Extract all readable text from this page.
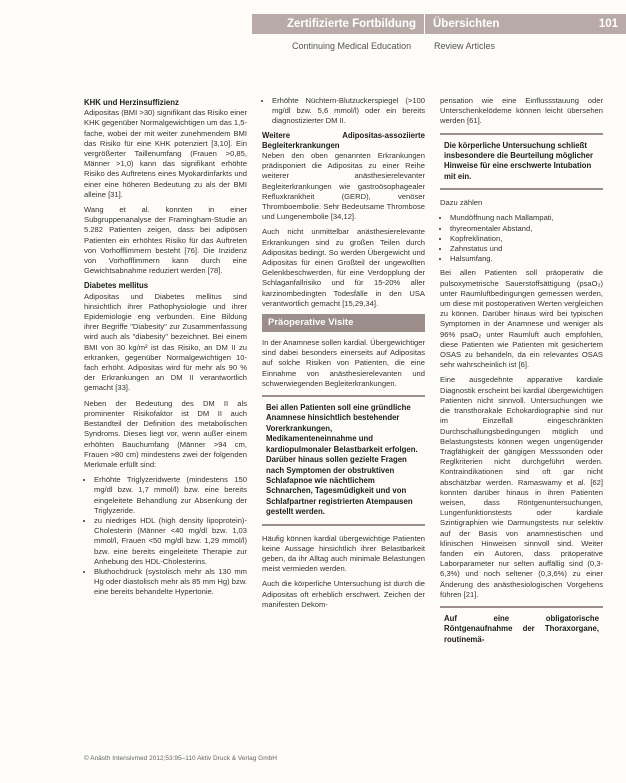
Zertifizierte Fortbildung	Übersichten	101
Continuing Medical Education	Review Articles
KHK und Herzinsuffizienz

Adipositas (BMI >30) signifikant das Risiko einer KHK gegenüber Normalgewichtigen um das 1,5-fache, wobei der mit weiter zunehmendem BMI das Risiko für eine KHK potenziert [3,10]. Ein vergrößerter Taillenumfang (Frauen >0,85, Männer >1,0) kann das signifikant erhöhte Risiko des Auftretens eines Myokardinfarkts und einer eine höheren Bedeutung zu als der BMI alleine [31].

Wang et al. konnten in einer Subgruppenanalyse der Framingham-Studie an 5.282 Patienten zeigen, dass bei adipösen Patienten ein erhöhtes Risiko für das Auftreten von Vorhofflimmern besteht [76]. Die Inzidenz von Vorhofflimmern kann durch eine Gewichtsabnahme reduziert werden [78].

Diabetes mellitus

Adipositas und Diabetes mellitus sind hinsichtlich ihrer Pathophysiologie und ihrer Epidemiologie eng verbunden. Eine Bildung ihrer Begriffe "Diabesity" zur Zusammenfassung wird auch als "diabesity" bezeichnet. Bei einem BMI von 30 kg/m² ist das Risiko, an DM II zu erkranken, gegenüber Normalgewichtigen 10-fach erhöht. Adipositas wird für mehr als 90 % der Erkrankungen an DM II verantwortlich gemacht [33].

Neben der Bedeutung des DM II als prominenter Risikofaktor ist DM II auch Bestandteil der Definition des metabolischen Syndroms. Dieses liegt vor, wenn außer einem erhöhten Bauchumfang (Männer >94 cm, Frauen >80 cm) mindestens zwei der folgenden Merkmale erfüllt sind:

• Erhöhte Triglyzeridwerte (mindestens 150 mg/dl bzw. 1,7 mmol/l) bzw. eine bereits eingeleitete Behandlung zur Absenkung der Triglyzeride.
• zu niedriges HDL (high density lipoprotein)-Cholesterin (Männer <40 mg/dl bzw. 1,03 mmol/l, Frauen <50 mg/dl bzw. 1,29 mmol/l) bzw. eine bereits eingeleitete Therapie zur Anhebung des HDL-Cholesterins.
• Bluthochdruck (systolisch mehr als 130 mm Hg oder diastolisch mehr als 85 mm Hg) bzw. eine bereits behandelte Hypertonie.
• Erhöhte Nüchtern-Blutzuckerspiegel (>100 mg/dl bzw. 5,6 mmol/l) oder ein bereits diagnostizierter DM II.
Weitere Adipositas-assoziierte Begleiterkrankungen

Neben den oben genannten Erkrankungen prädisponiert die Adipositas zu einer Reihe weiterer anästhesierelevanter Begleiterkrankungen wie gastroösophagealer Refluxkrankheit (GERD), venöser Thromboembolie. Sehr Bedeutsame Thrombose und Lungenembolie [34,12].

Auch nicht unmittelbar anästhesierelevante Erkrankungen sind zu großen Teilen durch Adipositas bedingt. So werden Übergewicht und Adipositas für einen Großteil der ungewollten Gelenkbeschwerden, für eine Verdopplung der Schlaganfallrisiko und für 15-20% aller karzinombedingten Todesfälle in den USA verantwortlich gemacht [15,29,34].

Präoperative Visite

In der Anamnese sollen kardial. Übergewichtiger sind dabei besonders einerseits auf Adipositas auf solche Risiken von Patienten, die eine Einnahme von anästhesierelevanten und schwerwiegenden Begleiterkrankungen.

Bei allen Patienten soll eine gründliche Anamnese hinsichtlich bestehender Vorerkrankungen, Medikamenteneinnahme und kardiopulmonaler Belastbarkeit erfolgen. Darüber hinaus sollen gezielte Fragen nach Symptomen der obstruktiven Schlafapnoe wie nächtlichem Schnarchen, Tagesmüdigkeit und von Schlafpartner registrierten Atempausen gestellt werden.

Häufig können kardial übergewichtige Patienten keine Aussage hinsichtlich ihrer Belastbarkeit geben, da ihr Alltag auch minimale Belastungen meist vermieden werden.

Auch die körperliche Untersuchung ist durch die Adipositas oft erheblich erschwert. Zeichen der manifesten Dekom-

pensation wie eine Einflussstauung oder Unterschenkelödeme können leicht übersehen werden [61].

Die körperliche Untersuchung schließt insbesondere die Beurteilung möglicher Hinweise für eine erschwerte Intubation mit ein.

Dazu zählen

• Mundöffnung nach Mallampati,
• thyreomentaler Abstand,
• Kopfreklination,
• Zahnstatus und
• Halsumfang.

Bei allen Patienten soll präoperativ die pulsoxymetrische Sauerstoffsättigung (psaO₂) unter Raumluftbedingungen gemessen werden, um diese mit postoperativen Werten vergleichen zu können. Darüber hinaus wird bei typischen Symptomen in der Anamnese und weniger als 96% psaO₂ unter Raumluft auch empfohlen, diese Patienten wie Patienten mit gesichertem OSAS zu behandeln, da ein relevantes OSAS sehr wahrscheinlich ist [6].

Eine ausgedehnte apparative kardiale Diagnostik erscheint bei kardial übergewichtigen Patienten nicht sinnvoll. Untersuchungen wie die transthorakale Echokardiographie sind nur im Einzelfall eingeschränkten Durchschallungsbedingungen möglich und Belastungstests können wegen ungenügender Tragfähigkeit der gängigen Messsonden oder Reglkriterien nicht durchgeführt werden. Kontraindikationen sind oft gar nicht abschätzbar werden. Ramaswamy et al. [62] konnten darüber hinaus in ihren Patienten weisen, dass Röntgenuntersuchungen, Lungenfunktionstests oder kardiale Szintigraphien wie Darmungstests nur selektiv auf der Basis von anamnestischen und klinischen Hinweisen sinnvoll sind. Weiter fanden ein Autoren, dass präoperative Laborparameter nur selten auffällig sind (0,3-6,3%) und noch seltener (0,3,6%) zu einer Änderung des anästhesiologischen Vorgehens führen [21].

Auf eine obligatorische Röntgenaufnahme der Thoraxorgane, routinemä-
© Anästh Intensivmed 2012;53:95–110 Aktiv Druck & Verlag GmbH
